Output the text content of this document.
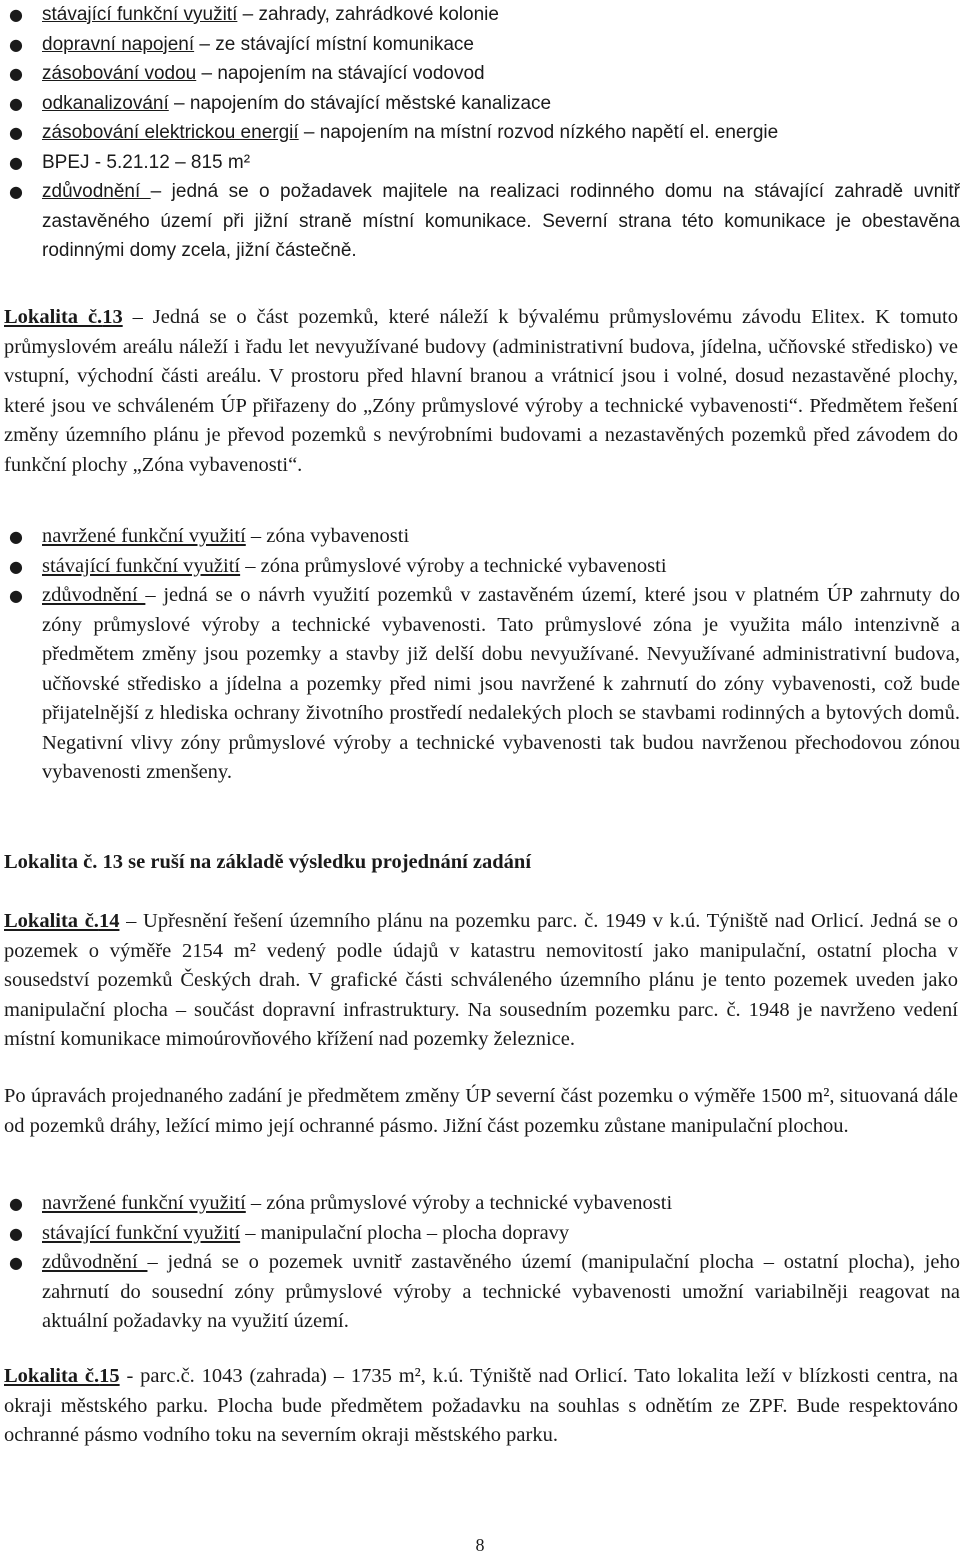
● stávající funkční využití – zahrady, zahrádkové kolonie
● dopravní napojení – ze stávající místní komunikace
● zásobování vodou – napojením na stávající vodovod
● odkanalizování – napojením do stávající městské kanalizace
● zásobování elektrickou energií – napojením na místní rozvod nízkého napětí el. energie
● BPEJ - 5.21.12 – 815 m²
● zdůvodnění – jedná se o požadavek majitele na realizaci rodinného domu na stávající zahradě uvnitř zastavěného území při jižní straně místní komunikace. Severní strana této komunikace je obestavěna rodinnými domy zcela, jižní částečně.
Lokalita č.13 – Jedná se o část pozemků, které náleží k bývalému průmyslovému závodu Elitex. K tomuto průmyslovém areálu náleží i řadu let nevyužívané budovy (administrativní budova, jídelna, učňovské středisko) ve vstupní, východní části areálu. V prostoru před hlavní branou a vrátnicí jsou i volné, dosud nezastavěné plochy, které jsou ve schváleném ÚP přiřazeny do „Zóny průmyslové výroby a technické vybavenosti“. Předmětem řešení změny územního plánu je převod pozemků s nevýrobními budovami a nezastavěných pozemků před závodem do funkční plochy „Zóna vybavenosti“.
● navržené funkční využití – zóna vybavenosti
● stávající funkční využití – zóna průmyslové výroby a technické vybavenosti
● zdůvodnění – jedná se o návrh využití pozemků v zastavěném území, které jsou v platném ÚP zahrnuty do zóny průmyslové výroby a technické vybavenosti. Tato průmyslové zóna je využita málo intenzivně a předmětem změny jsou pozemky a stavby již delší dobu nevyužívané. Nevyužívané administrativní budova, učňovské středisko a jídelna a pozemky před nimi jsou navržené k zahrnutí do zóny vybavenosti, což bude přijatelnější z hlediska ochrany životního prostředí nedalekých ploch se stavbami rodinných a bytových domů. Negativní vlivy zóny průmyslové výroby a technické vybavenosti tak budou navrženou přechodovou zónou vybavenosti zmenšeny.
Lokalita č. 13 se ruší na základě výsledku projednání zadání
Lokalita č.14 – Upřesnění řešení územního plánu na pozemku parc. č. 1949 v k.ú. Týniště nad Orlicí. Jedná se o pozemek o výměře 2154 m² vedený podle údajů v katastru nemovitostí jako manipulační, ostatní plocha v sousedství pozemků Českých drah. V grafické části schváleného územního plánu je tento pozemek uveden jako manipulační plocha – součást dopravní infrastruktury. Na sousedním pozemku parc. č. 1948 je navrženo vedení místní komunikace mimoúrovňového křížení nad pozemky železnice.
Po úpravách projednaného zadání je předmětem změny ÚP severní část pozemku o výměře 1500 m², situovaná dále od pozemků dráhy, ležící mimo její ochranné pásmo. Jižní část pozemku zůstane manipulační plochou.
● navržené funkční využití – zóna průmyslové výroby a technické vybavenosti
● stávající funkční využití – manipulační plocha – plocha dopravy
● zdůvodnění – jedná se o pozemek uvnitř zastavěného území (manipulační plocha – ostatní plocha), jeho zahrnutí do sousední zóny průmyslové výroby a technické vybavenosti umožní variabilněji reagovat na aktuální požadavky na využití území.
Lokalita č.15 - parc.č. 1043 (zahrada) – 1735 m², k.ú. Týniště nad Orlicí. Tato lokalita leží v blízkosti centra, na okraji městského parku. Plocha bude předmětem požadavku na souhlas s odnětím ze ZPF. Bude respektováno ochranné pásmo vodního toku na severním okraji městského parku.
8
